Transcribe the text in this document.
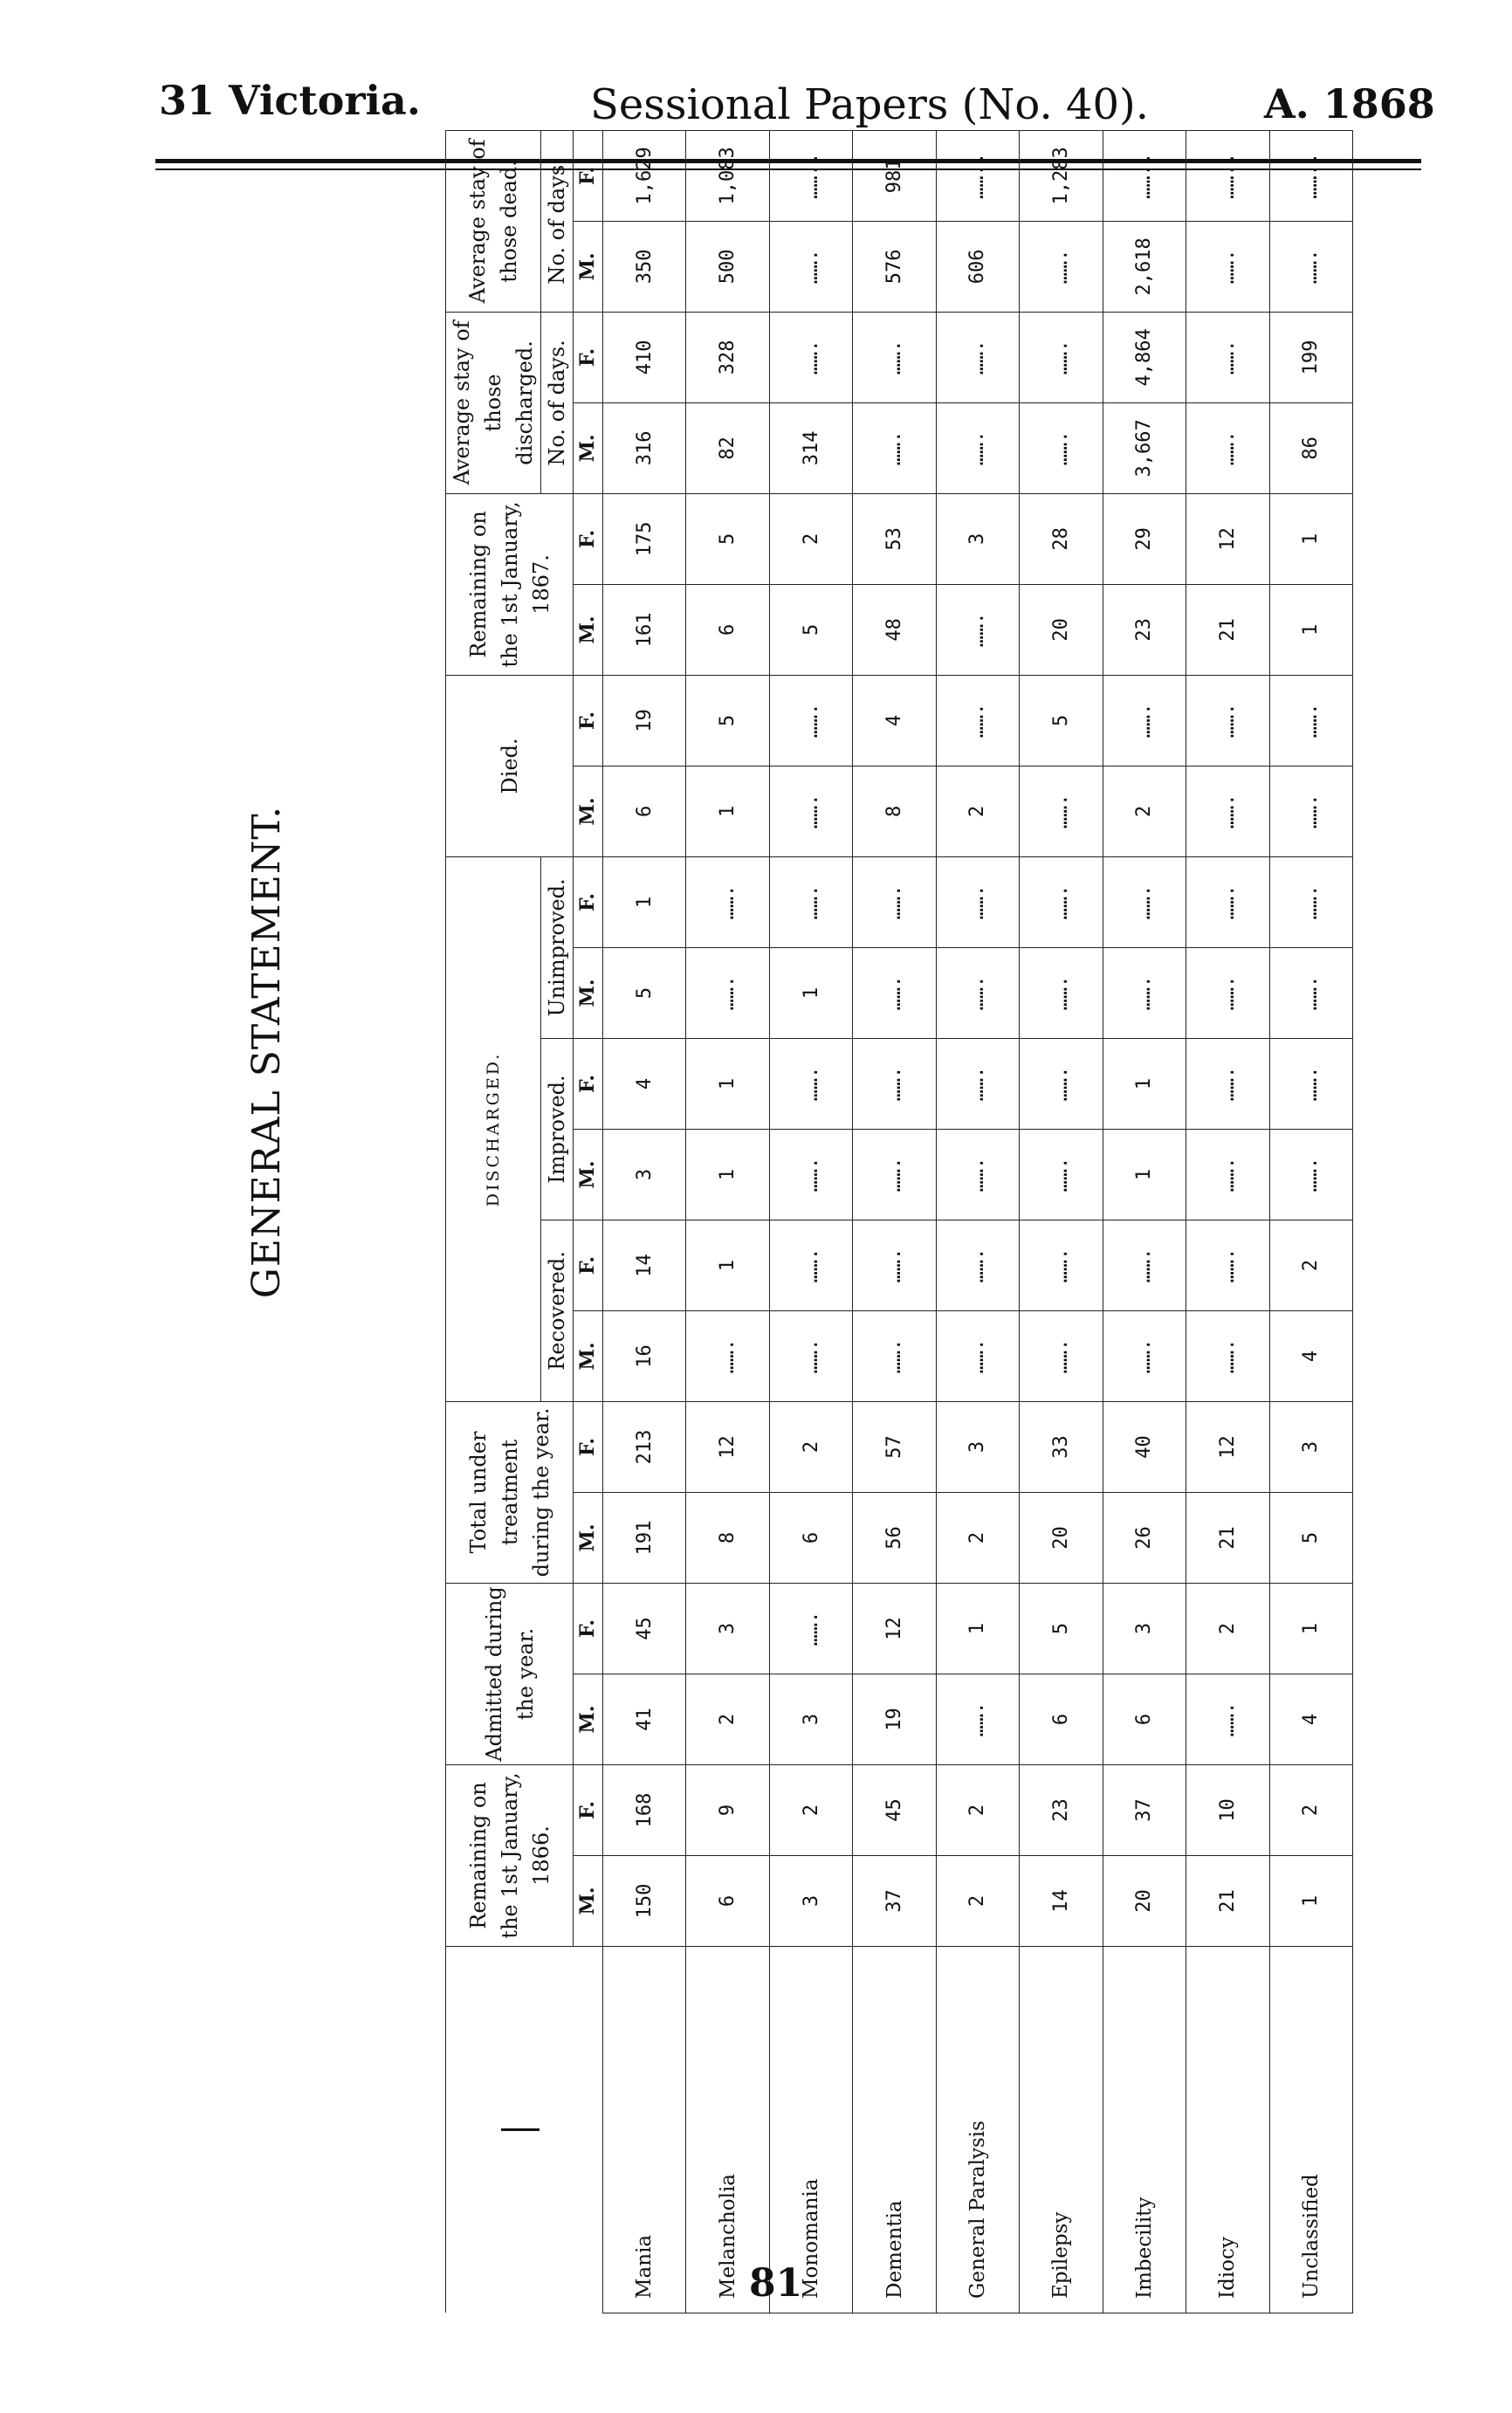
31 Victoria.	Sessional Papers (No. 40).	A. 1868
GENERAL STATEMENT.
	Remaining on the 1st January, 1866.		Admitted during the year.		Total under treatment during the year.		DISCHARGED.						Died.		Remaining on the 1st January, 1867.		Average stay of those discharged.		Average stay of those dead.	
							Recovered.		Improved.		Unimproved.						No. of days.		No. of days.	
	M.	F.	M.	F.	M.	F.	M.	F.	M.	F.	M.	F.	M.	F.	M.	F.	M.	F.	M.	F.
Mania	150	168	41	45	191	213	16	14	3	4	5	1	6	19	161	175	316	410	350	1,629
Melancholia	6	9	2	3	8	12	…….	1	1	1	…….	…….	1	5	6	5	82	328	500	1,083
Monomania	3	2	3	…….	6	2	…….	…….	…….	…….	1	…….	…….	…….	5	2	314	…….	…….	……..
Dementia	37	45	19	12	56	57	…….	…….	…….	…….	…….	…….	8	4	48	53	…….	…….	576	981
General Paralysis	2	2	…….	1	2	3	…….	…….	…….	…….	…….	…….	2	…….	…….	3	…….	…….	606	……..
Epilepsy	14	23	6	5	20	33	…….	…….	…….	…….	…….	…….	…….	5	20	28	…….	…….	…….	1,283
Imbecility	20	37	6	3	26	40	…….	…….	1	1	…….	…….	2	…….	23	29	3,667	4,864	2,618	……..
Idiocy	21	10	…….	2	21	12	…….	…….	…….	…….	…….	…….	…….	…….	21	12	…….	…….	…….	……..
Unclassified	1	2	4	1	5	3	4	2	…….	…….	…….	…….	…….	…….	1	1	86	199	…….	……..
81
